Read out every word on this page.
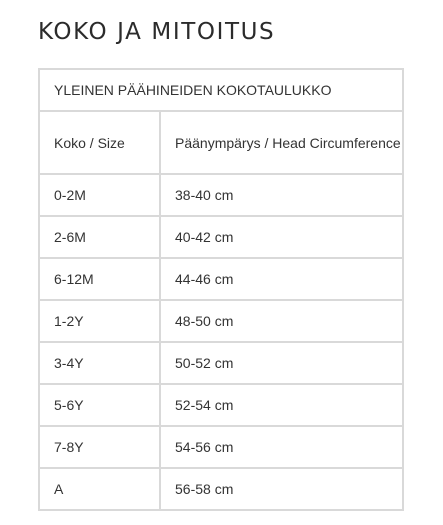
KOKO JA MITOITUS
YLEINEN PÄÄHINEIDEN KOKOTAULUKKO	
Koko / Size	Päänympärys / Head Circumference
0-2M	38-40 cm
2-6M	40-42 cm
6-12M	44-46 cm
1-2Y	48-50 cm
3-4Y	50-52 cm
5-6Y	52-54 cm
7-8Y	54-56 cm
A	56-58 cm
